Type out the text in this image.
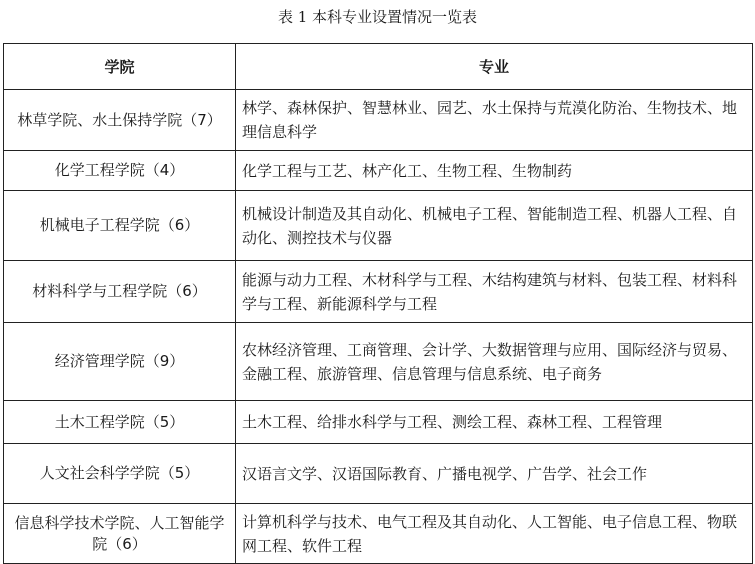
表 1 本科专业设置情况一览表
学院	专业
林草学院、水土保持学院（7）	林学、森林保护、智慧林业、园艺、水土保持与荒漠化防治、生物技术、地理信息科学
化学工程学院（4）	化学工程与工艺、林产化工、生物工程、生物制药
机械电子工程学院（6）	机械设计制造及其自动化、机械电子工程、智能制造工程、机器人工程、自动化、测控技术与仪器
材料科学与工程学院（6）	能源与动力工程、木材科学与工程、木结构建筑与材料、包装工程、材料科学与工程、新能源科学与工程
经济管理学院（9）	农林经济管理、工商管理、会计学、大数据管理与应用、国际经济与贸易、金融工程、旅游管理、信息管理与信息系统、电子商务
土木工程学院（5）	土木工程、给排水科学与工程、测绘工程、森林工程、工程管理
人文社会科学学院（5）	汉语言文学、汉语国际教育、广播电视学、广告学、社会工作
信息科学技术学院、人工智能学院（6）	计算机科学与技术、电气工程及其自动化、人工智能、电子信息工程、物联网工程、软件工程
